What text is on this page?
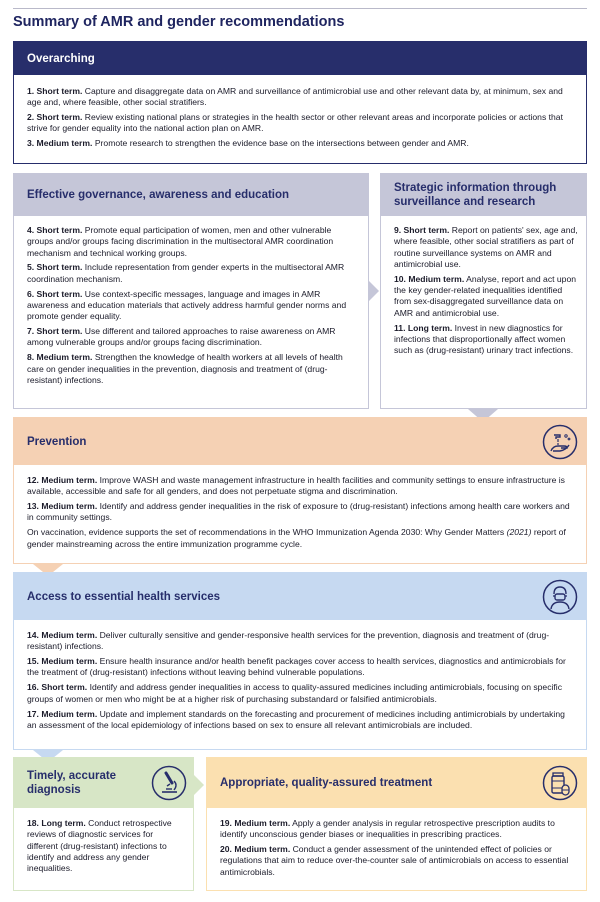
Summary of AMR and gender recommendations
Overarching
1. Short term. Capture and disaggregate data on AMR and surveillance of antimicrobial use and other relevant data by, at minimum, sex and age and, where feasible, other social stratifiers.
2. Short term. Review existing national plans or strategies in the health sector or other relevant areas and incorporate policies or actions that strive for gender equality into the national action plan on AMR.
3. Medium term. Promote research to strengthen the evidence base on the intersections between gender and AMR.
Effective governance, awareness and education
4. Short term. Promote equal participation of women, men and other vulnerable groups and/or groups facing discrimination in the multisectoral AMR coordination mechanism and technical working groups.
5. Short term. Include representation from gender experts in the multisectoral AMR coordination mechanism.
6. Short term. Use context-specific messages, language and images in AMR awareness and education materials that actively address harmful gender norms and promote gender equality.
7. Short term. Use different and tailored approaches to raise awareness on AMR among vulnerable groups and/or groups facing discrimination.
8. Medium term. Strengthen the knowledge of health workers at all levels of health care on gender inequalities in the prevention, diagnosis and treatment of (drug-resistant) infections.
Strategic information through surveillance and research
9. Short term. Report on patients' sex, age and, where feasible, other social stratifiers as part of routine surveillance systems on AMR and antimicrobial use.
10. Medium term. Analyse, report and act upon the key gender-related inequalities identified from sex-disaggregated surveillance data on AMR and antimicrobial use.
11. Long term. Invest in new diagnostics for infections that disproportionally affect women such as (drug-resistant) urinary tract infections.
Prevention
12. Medium term. Improve WASH and waste management infrastructure in health facilities and community settings to ensure infrastructure is available, accessible and safe for all genders, and does not perpetuate stigma and discrimination.
13. Medium term. Identify and address gender inequalities in the risk of exposure to (drug-resistant) infections among health care workers and in community settings.
On vaccination, evidence supports the set of recommendations in the WHO Immunization Agenda 2030: Why Gender Matters (2021) report of gender mainstreaming across the entire immunization programme cycle.
Access to essential health services
14. Medium term. Deliver culturally sensitive and gender-responsive health services for the prevention, diagnosis and treatment of (drug-resistant) infections.
15. Medium term. Ensure health insurance and/or health benefit packages cover access to health services, diagnostics and antimicrobials for the treatment of (drug-resistant) infections without leaving behind vulnerable populations.
16. Short term. Identify and address gender inequalities in access to quality-assured medicines including antimicrobials, focusing on specific groups of women or men who might be at a higher risk of purchasing substandard or falsified antimicrobials.
17. Medium term. Update and implement standards on the forecasting and procurement of medicines including antimicrobials by undertaking an assessment of the local epidemiology of infections based on sex to ensure all relevant antimicrobials are included.
Timely, accurate diagnosis
18. Long term. Conduct retrospective reviews of diagnostic services for different (drug-resistant) infections to identify and address any gender inequalities.
Appropriate, quality-assured treatment
19. Medium term. Apply a gender analysis in regular retrospective prescription audits to identify unconscious gender biases or inequalities in prescribing practices.
20. Medium term. Conduct a gender assessment of the unintended effect of policies or regulations that aim to reduce over-the-counter sale of antimicrobials on access to essential antimicrobials.
